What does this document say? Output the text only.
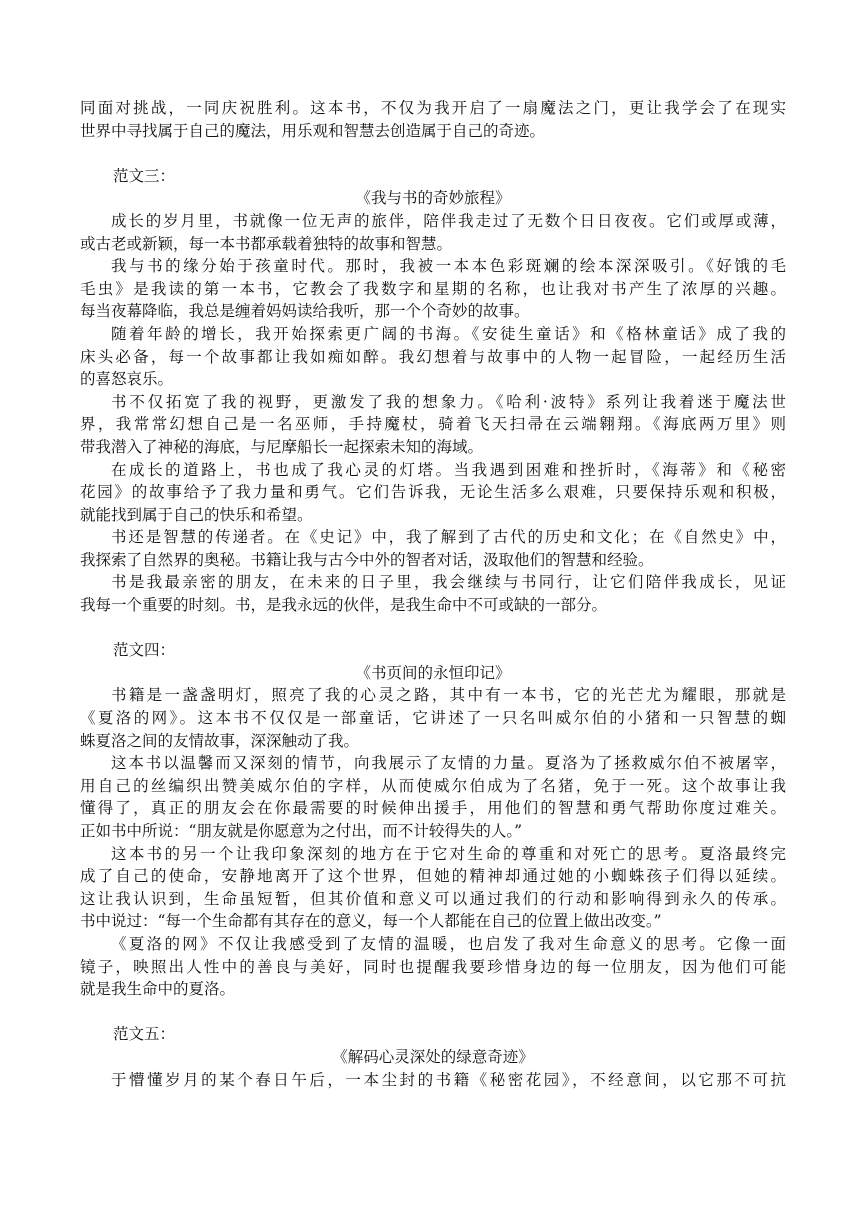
同面对挑战，一同庆祝胜利。这本书，不仅为我开启了一扇魔法之门，更让我学会了在现实
世界中寻找属于自己的魔法，用乐观和智慧去创造属于自己的奇迹。
范文三：
《我与书的奇妙旅程》
成长的岁月里，书就像一位无声的旅伴，陪伴我走过了无数个日日夜夜。它们或厚或薄，
或古老或新颖，每一本书都承载着独特的故事和智慧。
我与书的缘分始于孩童时代。那时，我被一本本色彩斑斓的绘本深深吸引。《好饿的毛
毛虫》是我读的第一本书，它教会了我数字和星期的名称，也让我对书产生了浓厚的兴趣。
每当夜幕降临，我总是缠着妈妈读给我听，那一个个奇妙的故事。
随着年龄的增长，我开始探索更广阔的书海。《安徒生童话》和《格林童话》成了我的
床头必备，每一个故事都让我如痴如醉。我幻想着与故事中的人物一起冒险，一起经历生活
的喜怒哀乐。
书不仅拓宽了我的视野，更激发了我的想象力。《哈利·波特》系列让我着迷于魔法世
界，我常常幻想自己是一名巫师，手持魔杖，骑着飞天扫帚在云端翱翔。《海底两万里》则
带我潜入了神秘的海底，与尼摩船长一起探索未知的海域。
在成长的道路上，书也成了我心灵的灯塔。当我遇到困难和挫折时，《海蒂》和《秘密
花园》的故事给予了我力量和勇气。它们告诉我，无论生活多么艰难，只要保持乐观和积极，
就能找到属于自己的快乐和希望。
书还是智慧的传递者。在《史记》中，我了解到了古代的历史和文化；在《自然史》中，
我探索了自然界的奥秘。书籍让我与古今中外的智者对话，汲取他们的智慧和经验。
书是我最亲密的朋友，在未来的日子里，我会继续与书同行，让它们陪伴我成长，见证
我每一个重要的时刻。书，是我永远的伙伴，是我生命中不可或缺的一部分。
范文四：
《书页间的永恒印记》
书籍是一盏盏明灯，照亮了我的心灵之路，其中有一本书，它的光芒尤为耀眼，那就是
《夏洛的网》。这本书不仅仅是一部童话，它讲述了一只名叫威尔伯的小猪和一只智慧的蜘
蛛夏洛之间的友情故事，深深触动了我。
这本书以温馨而又深刻的情节，向我展示了友情的力量。夏洛为了拯救威尔伯不被屠宰，
用自己的丝编织出赞美威尔伯的字样，从而使威尔伯成为了名猪，免于一死。这个故事让我
懂得了，真正的朋友会在你最需要的时候伸出援手，用他们的智慧和勇气帮助你度过难关。
正如书中所说：“朋友就是你愿意为之付出，而不计较得失的人。”
这本书的另一个让我印象深刻的地方在于它对生命的尊重和对死亡的思考。夏洛最终完
成了自己的使命，安静地离开了这个世界，但她的精神却通过她的小蜘蛛孩子们得以延续。
这让我认识到，生命虽短暂，但其价值和意义可以通过我们的行动和影响得到永久的传承。
书中说过：“每一个生命都有其存在的意义，每一个人都能在自己的位置上做出改变。”
《夏洛的网》不仅让我感受到了友情的温暖，也启发了我对生命意义的思考。它像一面
镜子，映照出人性中的善良与美好，同时也提醒我要珍惜身边的每一位朋友，因为他们可能
就是我生命中的夏洛。
范文五：
《解码心灵深处的绿意奇迹》
于懵懂岁月的某个春日午后，一本尘封的书籍《秘密花园》，不经意间，以它那不可抗
